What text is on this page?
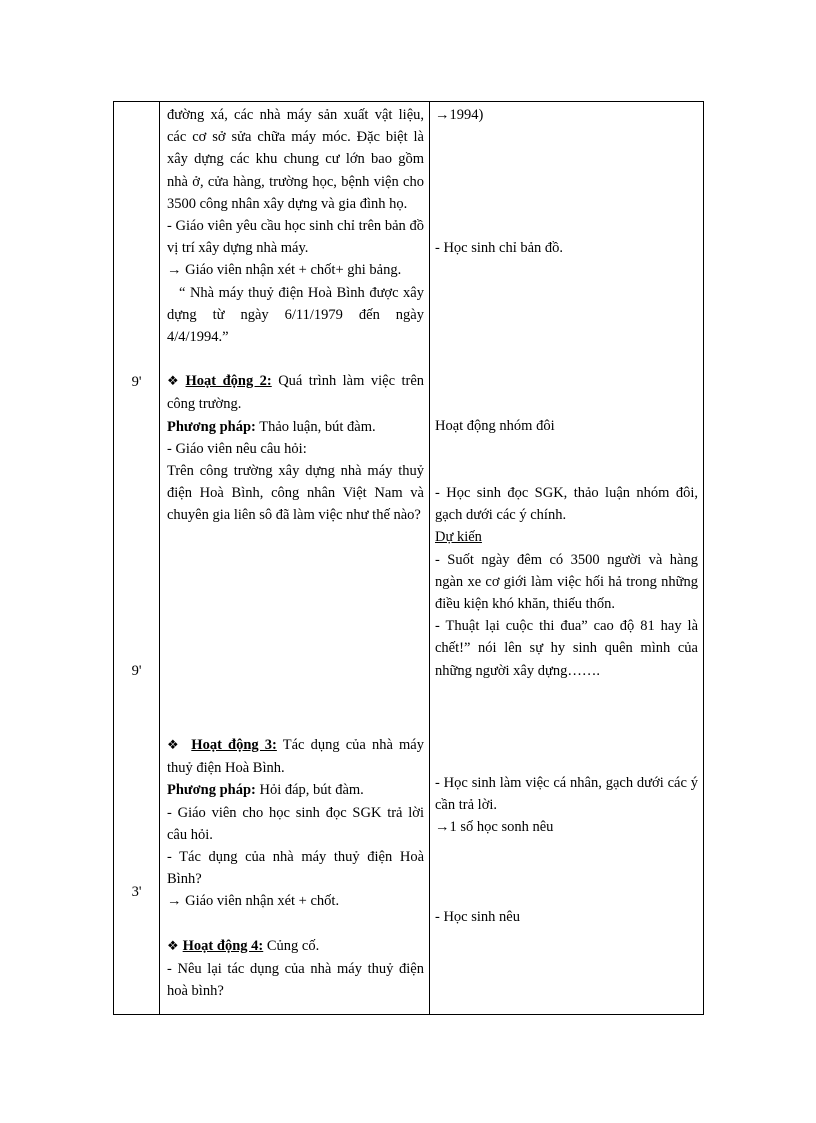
9'
9'
3'

đường xá, các nhà máy sản xuất vật liệu, các cơ sở sửa chữa máy móc. Đặc biệt là xây dựng các khu chung cư lớn bao gồm nhà ở, cửa hàng, trường học, bệnh viện cho 3500 công nhân xây dựng và gia đình họ.

- Giáo viên yêu cầu học sinh chỉ trên bản đồ vị trí xây dựng nhà máy.

→ Giáo viên nhận xét + chốt+ ghi bảng.

“ Nhà máy thuỷ điện Hoà Bình được xây dựng từ ngày 6/11/1979 đến ngày 4/4/1994.”

❖ Hoạt động 2: Quá trình làm việc trên công trường.

Phương pháp: Thảo luận, bút đàm.

- Giáo viên nêu câu hỏi:

Trên công trường xây dựng nhà máy thuỷ điện Hoà Bình, công nhân Việt Nam và chuyên gia liên sô đã làm việc như thế nào?

❖ Hoạt động 3: Tác dụng của nhà máy thuỷ điện Hoà Bình.

Phương pháp: Hỏi đáp, bút đàm.

- Giáo viên cho học sinh đọc SGK trả lời câu hỏi.

- Tác dụng của nhà máy thuỷ điện Hoà Bình?

→ Giáo viên nhận xét + chốt.

❖ Hoạt động 4: Củng cố.

- Nêu lại tác dụng của nhà máy thuỷ điện hoà bình?

→1994)
- Học sinh chỉ bản đồ.
Hoạt động nhóm đôi

- Học sinh đọc SGK, thảo luận nhóm đôi, gạch dưới các ý chính.

Dự kiến

- Suốt ngày đêm có 3500 người và hàng ngàn xe cơ giới làm việc hối hả trong những điều kiện khó khăn, thiếu thốn.

- Thuật lại cuộc thi đua” cao độ 81 hay là chết!” nói lên sự hy sinh quên mình của những người xây dựng…….

- Học sinh làm việc cá nhân, gạch dưới các ý cần trả lời.

→1 số học sonh nêu

- Học sinh nêu
